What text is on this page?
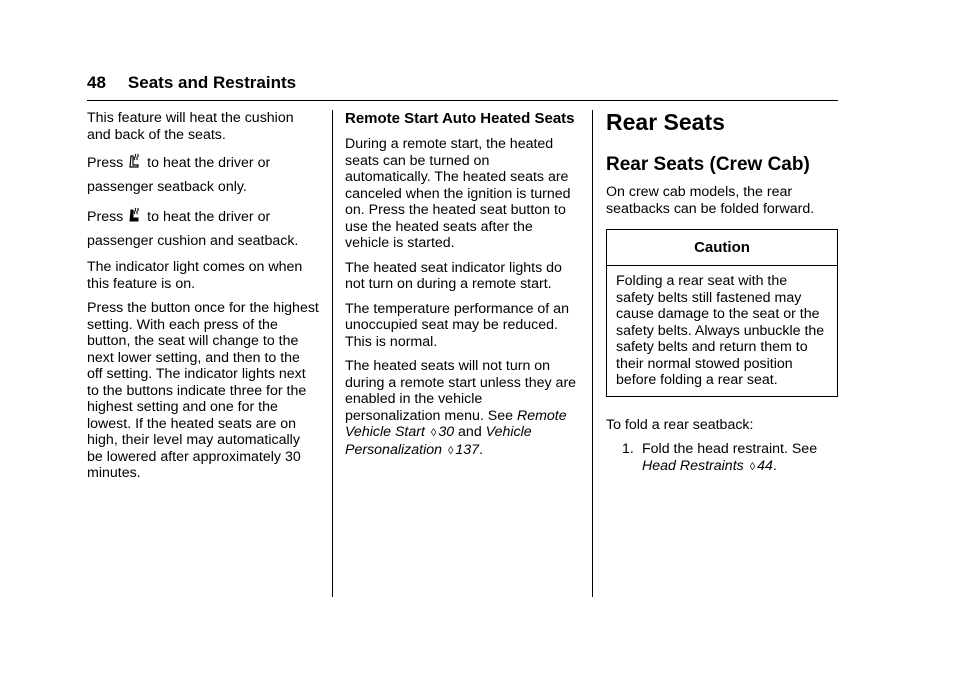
48 Seats and Restraints

This feature will heat the cushion and back of the seats.

Press to heat the driver or passenger seatback only.

Press to heat the driver or passenger cushion and seatback.

The indicator light comes on when this feature is on.

Press the button once for the highest setting. With each press of the button, the seat will change to the next lower setting, and then to the off setting. The indicator lights next to the buttons indicate three for the highest setting and one for the lowest. If the heated seats are on high, their level may automatically be lowered after approximately 30 minutes.

Remote Start Auto Heated Seats

During a remote start, the heated seats can be turned on automatically. The heated seats are canceled when the ignition is turned on. Press the heated seat button to use the heated seats after the vehicle is started.

The heated seat indicator lights do not turn on during a remote start.

The temperature performance of an unoccupied seat may be reduced. This is normal.

The heated seats will not turn on during a remote start unless they are enabled in the vehicle personalization menu. See Remote Vehicle Start ◊ 30 and Vehicle Personalization ◊ 137.

Rear Seats
Rear Seats (Crew Cab)

On crew cab models, the rear seatbacks can be folded forward.

Caution
Folding a rear seat with the safety belts still fastened may cause damage to the seat or the safety belts. Always unbuckle the safety belts and return them to their normal stowed position before folding a rear seat.

To fold a rear seatback:

1. Fold the head restraint. See Head Restraints ◊ 44.
